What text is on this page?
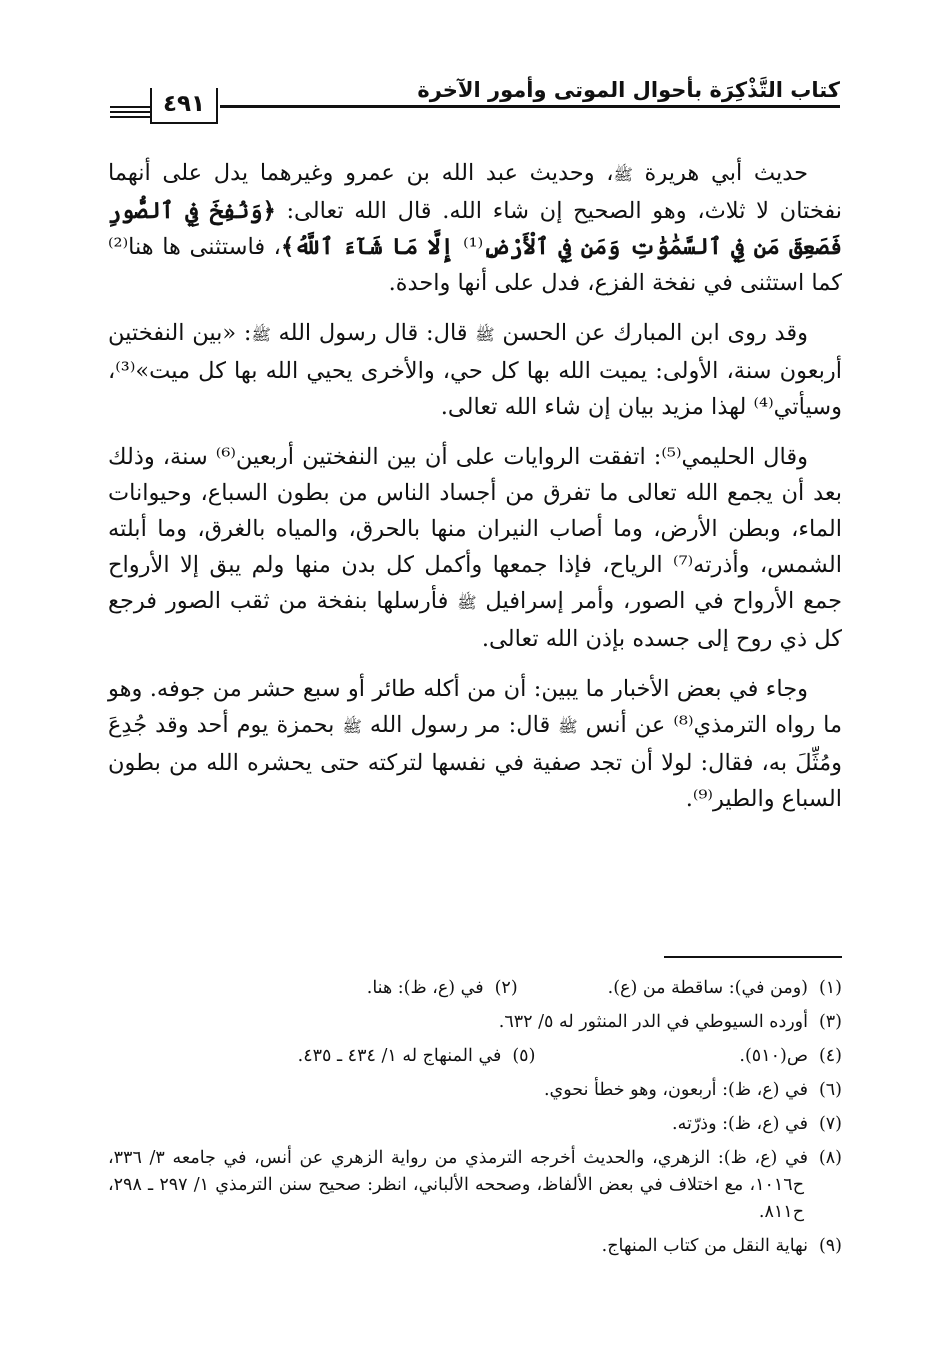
كتاب التَّذْكِرَة بأحوال الموتى وأمور الآخرة
٤٩١

حديث أبي هريرة ﷺ، وحديث عبد الله بن عمرو وغيرهما يدل على أنهما نفختان لا ثلاث، وهو الصحيح إن شاء الله. قال الله تعالى: ﴿وَنُفِخَ فِي ٱلصُّورِ فَصَعِقَ مَن فِي ٱلسَّمَٰوَٰتِ وَمَن فِي ٱلْأَرْضِ⁽¹⁾ إِلَّا مَا شَآءَ ٱللَّهُ﴾، فاستثنى ها هنا⁽²⁾ كما استثنى في نفخة الفزع، فدل على أنها واحدة.

وقد روى ابن المبارك عن الحسن ﷺ قال: قال رسول الله ﷺ: «بين النفختين أربعون سنة، الأولى: يميت الله بها كل حي، والأخرى يحيي الله بها كل ميت»⁽³⁾، وسيأتي⁽⁴⁾ لهذا مزيد بيان إن شاء الله تعالى.

وقال الحليمي⁽⁵⁾: اتفقت الروايات على أن بين النفختين أربعين⁽⁶⁾ سنة، وذلك بعد أن يجمع الله تعالى ما تفرق من أجساد الناس من بطون السباع، وحيوانات الماء، وبطن الأرض، وما أصاب النيران منها بالحرق، والمياه بالغرق، وما أبلته الشمس، وأذرته⁽⁷⁾ الرياح، فإذا جمعها وأكمل كل بدن منها ولم يبق إلا الأرواح جمع الأرواح في الصور، وأمر إسرافيل ﷺ فأرسلها بنفخة من ثقب الصور فرجع كل ذي روح إلى جسده بإذن الله تعالى.

وجاء في بعض الأخبار ما يبين: أن من أكله طائر أو سبع حشر من جوفه. وهو ما رواه الترمذي⁽⁸⁾ عن أنس ﷺ قال: مر رسول الله ﷺ بحمزة يوم أحد وقد جُدِعَ ومُثِّلَ به، فقال: لولا أن تجد صفية في نفسها لتركته حتى يحشره الله من بطون السباع والطير⁽⁹⁾.

(١)(ومن في): ساقطة من (ع).
(٢)في (ع، ظ): هنا.
(٣)أورده السيوطي في الدر المنثور له ٥/ ٦٣٢.
(٤)ص(٥١٠).
(٥)في المنهاج له ١/ ٤٣٤ ـ ٤٣٥.
(٦)في (ع، ظ): أربعون، وهو خطأ نحوي.
(٧)في (ع، ظ): وذرّته.
(٨)في (ع، ظ): الزهري، والحديث أخرجه الترمذي من رواية الزهري عن أنس، في جامعه ٣/ ٣٣٦، ح١٠١٦، مع اختلاف في بعض الألفاظ، وصححه الألباني، انظر: صحيح سنن الترمذي ١/ ٢٩٧ ـ ٢٩٨، ح٨١١.
(٩)نهاية النقل من كتاب المنهاج.
